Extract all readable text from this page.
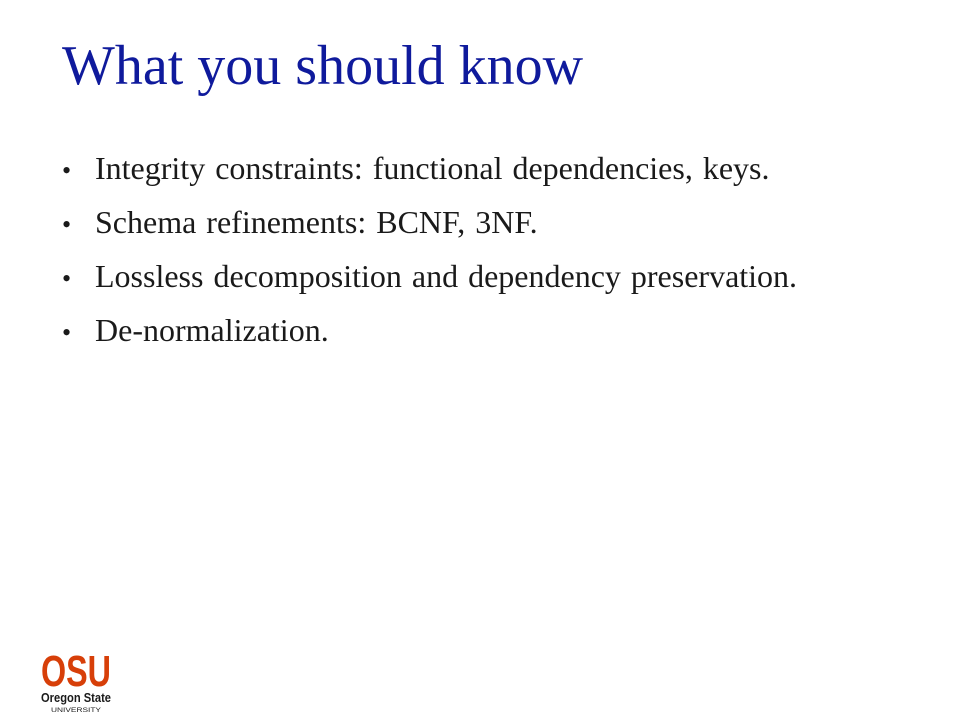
What you should know
• Integrity constraints: functional dependencies, keys.
• Schema refinements: BCNF, 3NF.
• Lossless decomposition and dependency preservation.
• De-normalization.
OSU
Oregon State
UNIVERSITY
